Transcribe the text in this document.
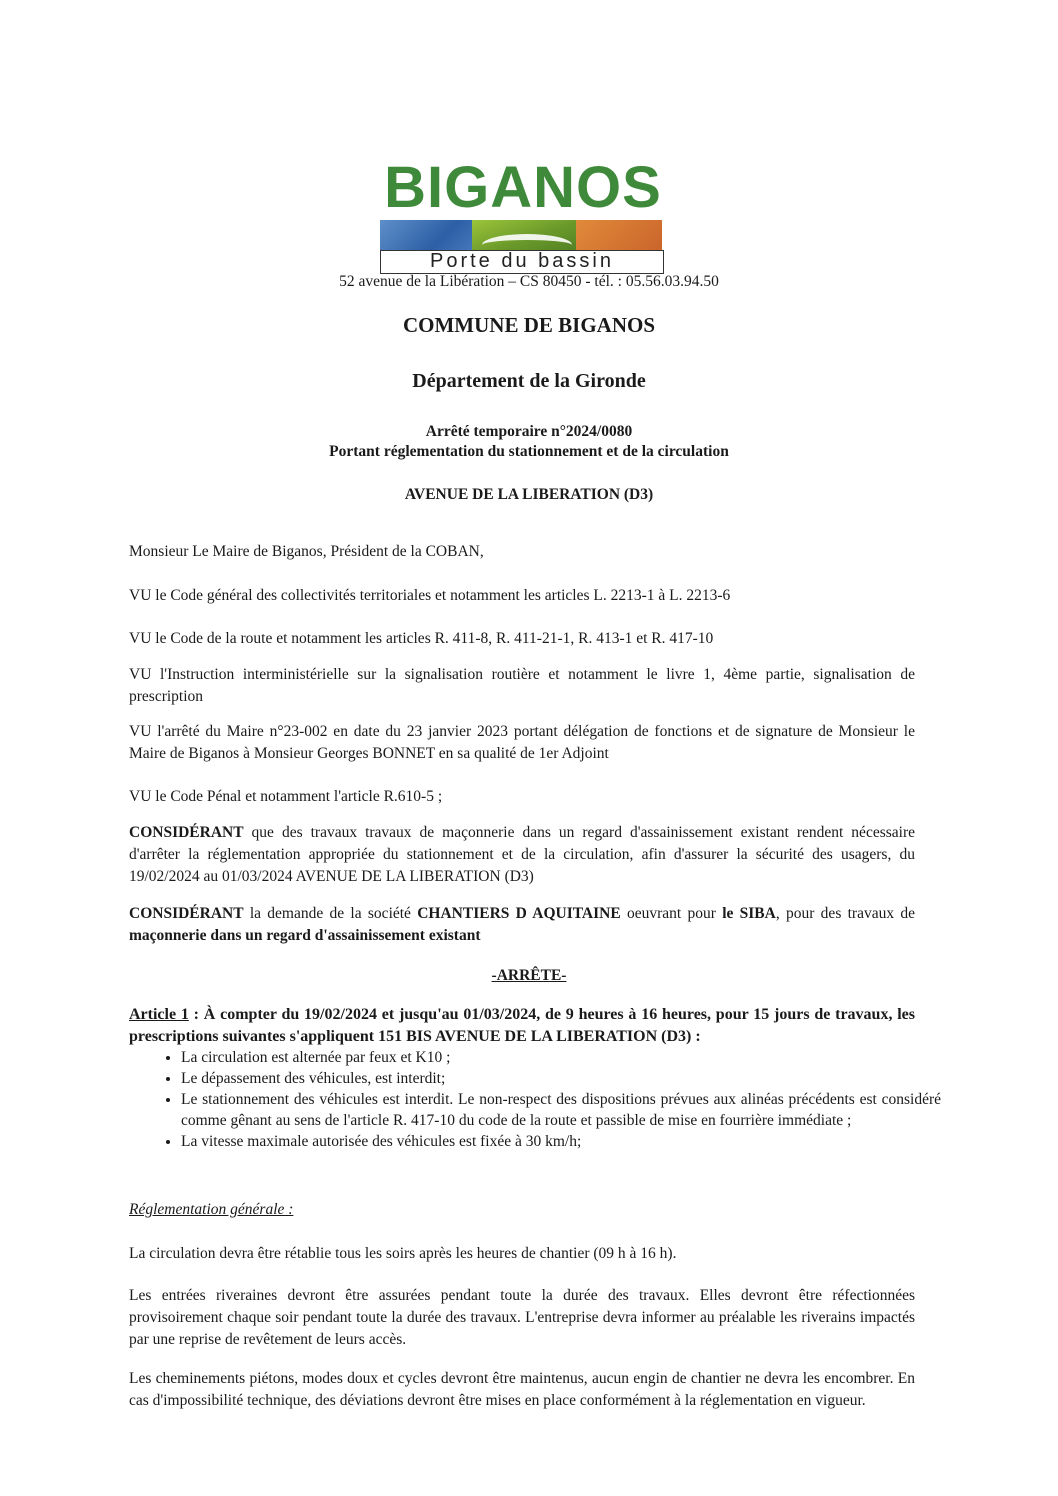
BIGANOS
Porte du bassin
52 avenue de la Libération – CS 80450 - tél. : 05.56.03.94.50
COMMUNE DE BIGANOS
Département de la Gironde
Arrêté temporaire n°2024/0080
Portant réglementation du stationnement et de la circulation
AVENUE DE LA LIBERATION (D3)
Monsieur Le Maire de Biganos, Président de la COBAN,
VU le Code général des collectivités territoriales et notamment les articles L. 2213-1 à L. 2213-6
VU le Code de la route et notamment les articles R. 411-8, R. 411-21-1, R. 413-1 et R. 417-10
VU l'Instruction interministérielle sur la signalisation routière et notamment le livre 1, 4ème partie, signalisation de prescription
VU l'arrêté du Maire n°23-002 en date du 23 janvier 2023 portant délégation de fonctions et de signature de Monsieur le Maire de Biganos à Monsieur Georges BONNET en sa qualité de 1er Adjoint
VU le Code Pénal et notamment l'article R.610-5 ;
CONSIDÉRANT que des travaux travaux de maçonnerie dans un regard d'assainissement existant rendent nécessaire d'arrêter la réglementation appropriée du stationnement et de la circulation, afin d'assurer la sécurité des usagers, du 19/02/2024 au 01/03/2024 AVENUE DE LA LIBERATION (D3)
CONSIDÉRANT la demande de la société CHANTIERS D AQUITAINE oeuvrant pour le SIBA, pour des travaux de maçonnerie dans un regard d'assainissement existant
-ARRÊTE-
Article 1 : À compter du 19/02/2024 et jusqu'au 01/03/2024, de 9 heures à 16 heures, pour 15 jours de travaux, les prescriptions suivantes s'appliquent 151 BIS AVENUE DE LA LIBERATION (D3) :
• La circulation est alternée par feux et K10 ;
• Le dépassement des véhicules, est interdit;
• Le stationnement des véhicules est interdit. Le non-respect des dispositions prévues aux alinéas précédents est considéré comme gênant au sens de l'article R. 417-10 du code de la route et passible de mise en fourrière immédiate ;
• La vitesse maximale autorisée des véhicules est fixée à 30 km/h;
Réglementation générale :
La circulation devra être rétablie tous les soirs après les heures de chantier (09 h à 16 h).
Les entrées riveraines devront être assurées pendant toute la durée des travaux. Elles devront être réfectionnées provisoirement chaque soir pendant toute la durée des travaux. L'entreprise devra informer au préalable les riverains impactés par une reprise de revêtement de leurs accès.
Les cheminements piétons, modes doux et cycles devront être maintenus, aucun engin de chantier ne devra les encombrer. En cas d'impossibilité technique, des déviations devront être mises en place conformément à la réglementation en vigueur.
